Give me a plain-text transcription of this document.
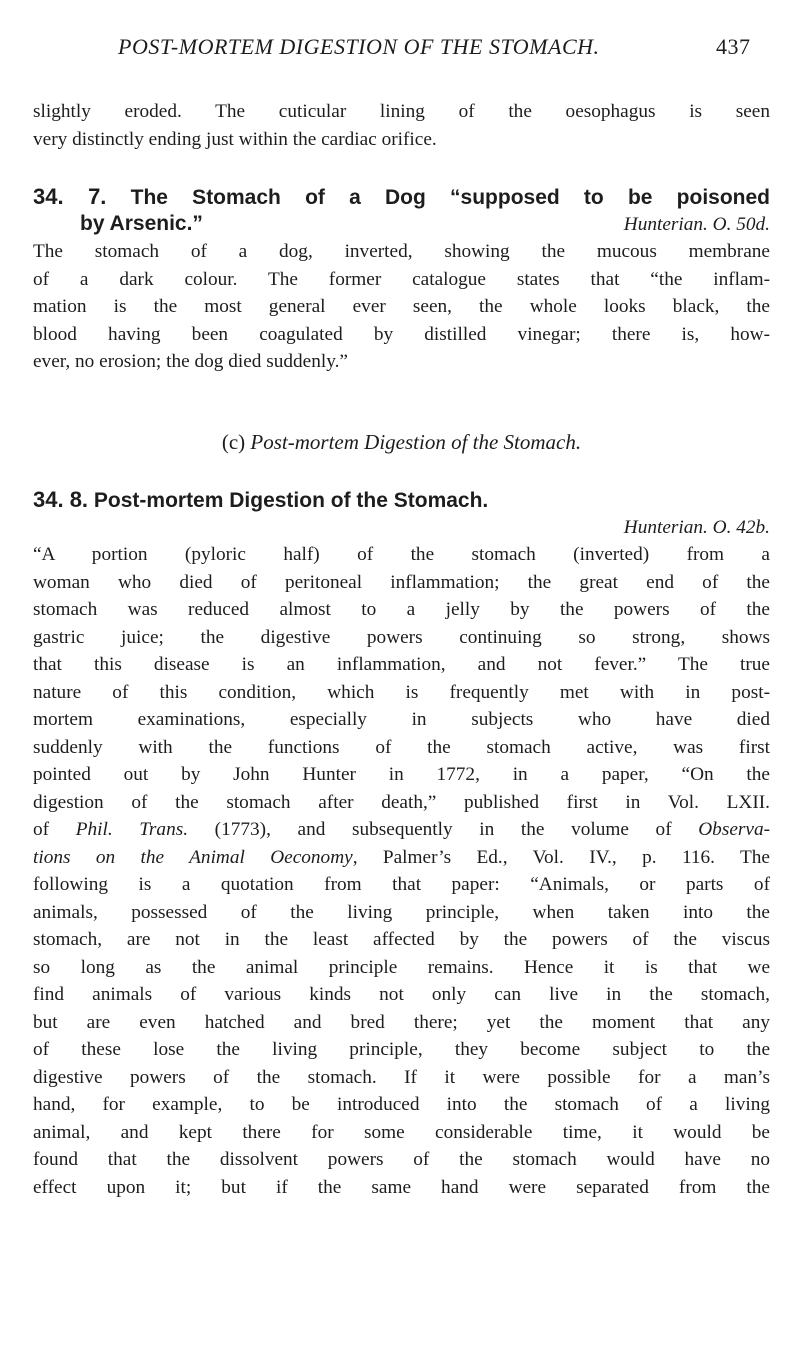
POST-MORTEM DIGESTION OF THE STOMACH.	437
slightly eroded. The cuticular lining of the oesophagus is seen
very distinctly ending just within the cardiac orifice.
34. 7. The Stomach of a Dog “supposed to be poisoned
by Arsenic.”	Hunterian. O. 50d.
The stomach of a dog, inverted, showing the mucous membrane
of a dark colour. The former catalogue states that “the inflam-
mation is the most general ever seen, the whole looks black, the
blood having been coagulated by distilled vinegar; there is, how-
ever, no erosion; the dog died suddenly.”
(c) Post-mortem Digestion of the Stomach.
34. 8. Post-mortem Digestion of the Stomach.
Hunterian. O. 42b.
“A portion (pyloric half) of the stomach (inverted) from a
woman who died of peritoneal inflammation; the great end of the
stomach was reduced almost to a jelly by the powers of the
gastric juice; the digestive powers continuing so strong, shows
that this disease is an inflammation, and not fever.” The true
nature of this condition, which is frequently met with in post-
mortem examinations, especially in subjects who have died
suddenly with the functions of the stomach active, was first
pointed out by John Hunter in 1772, in a paper, “On the
digestion of the stomach after death,” published first in Vol. LXII.
of Phil. Trans. (1773), and subsequently in the volume of Observa-
tions on the Animal Oeconomy, Palmer’s Ed., Vol. IV., p. 116. The
following is a quotation from that paper: “Animals, or parts of
animals, possessed of the living principle, when taken into the
stomach, are not in the least affected by the powers of the viscus
so long as the animal principle remains. Hence it is that we
find animals of various kinds not only can live in the stomach,
but are even hatched and bred there; yet the moment that any
of these lose the living principle, they become subject to the
digestive powers of the stomach. If it were possible for a man’s
hand, for example, to be introduced into the stomach of a living
animal, and kept there for some considerable time, it would be
found that the dissolvent powers of the stomach would have no
effect upon it; but if the same hand were separated from the
